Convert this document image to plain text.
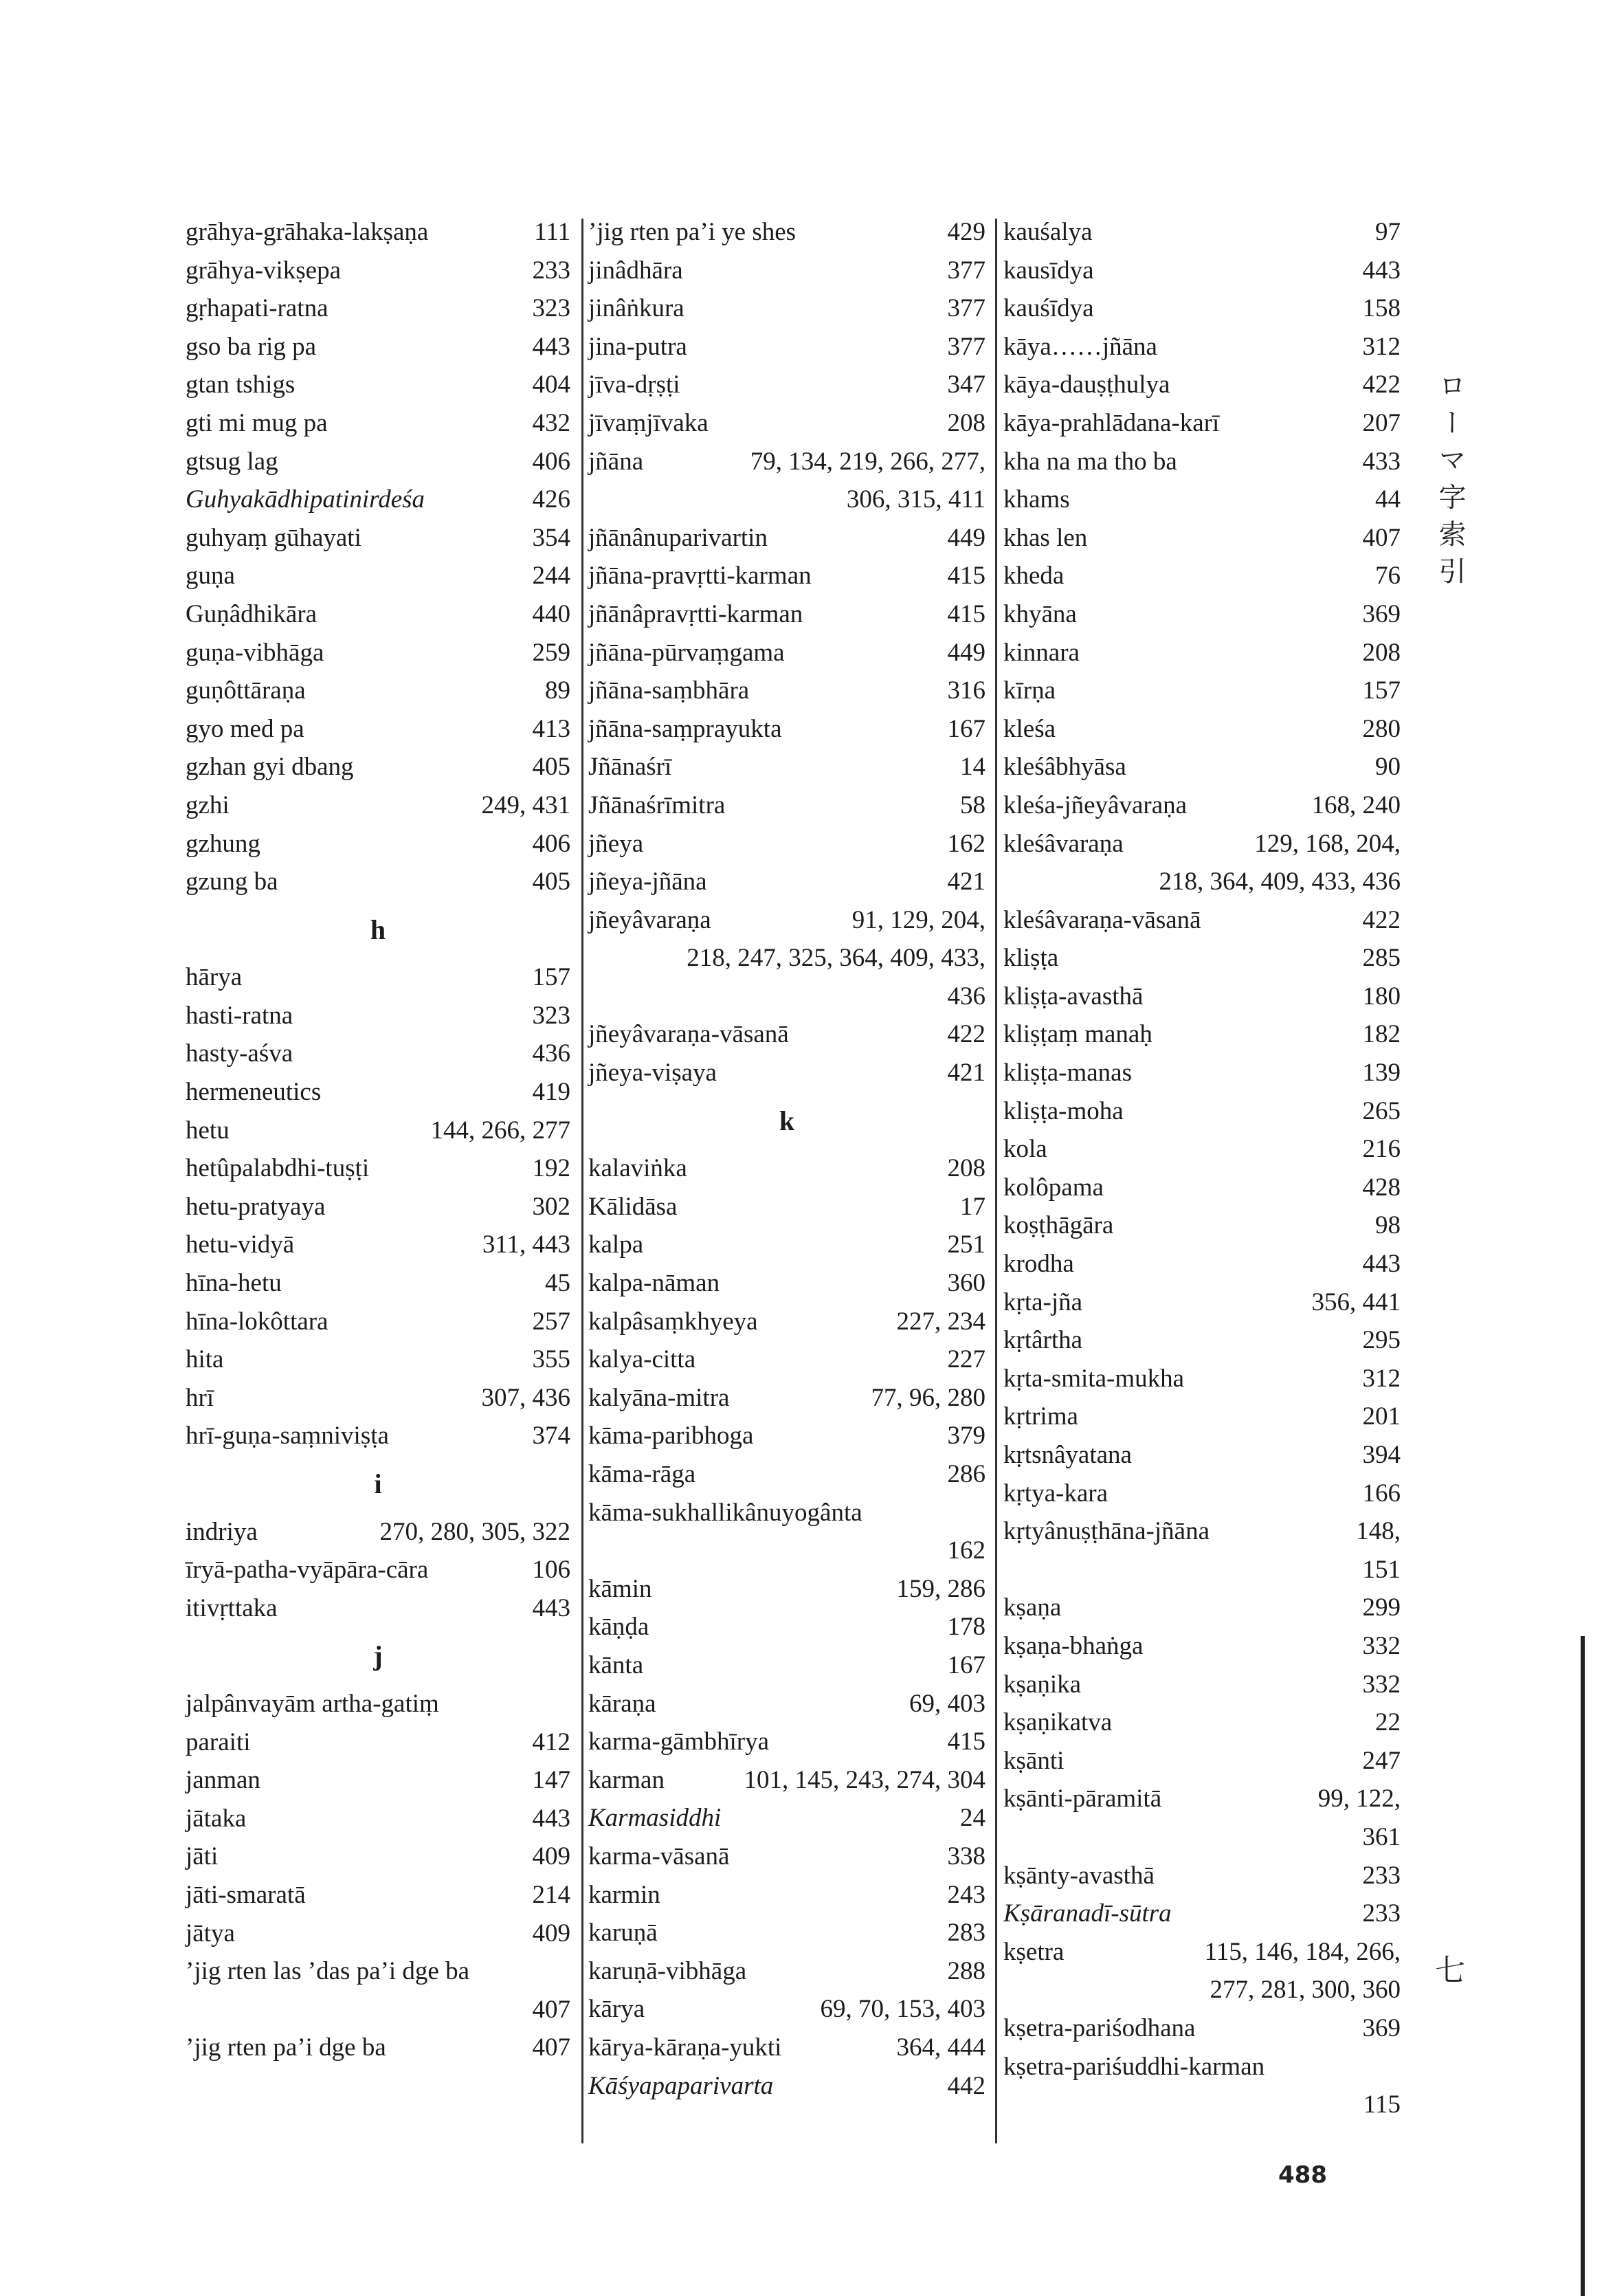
grāhya-grāhaka-lakṣaṇa	111
grāhya-vikṣepa	233
gṛhapati-ratna	323
gso ba rig pa	443
gtan tshigs	404
gti mi mug pa	432
gtsug lag	406
Guhyakādhipatinirdeśa	426
guhyaṃ gūhayati	354
guṇa	244
Guṇâdhikāra	440
guṇa-vibhāga	259
guṇôttāraṇa	89
gyo med pa	413
gzhan gyi dbang	405
gzhi	249, 431
gzhung	406
gzung ba	405
h
hārya	157
hasti-ratna	323
hasty-aśva	436
hermeneutics	419
hetu	144, 266, 277
hetûpalabdhi-tuṣṭi	192
hetu-pratyaya	302
hetu-vidyā	311, 443
hīna-hetu	45
hīna-lokôttara	257
hita	355
hrī	307, 436
hrī-guṇa-saṃniviṣṭa	374
i
indriya	270, 280, 305, 322
īryā-patha-vyāpāra-cāra	106
itivṛttaka	443
j
jalpânvayām artha-gatiṃ
paraiti	412
janman	147
jātaka	443
jāti	409
jāti-smaratā	214
jātya	409
’jig rten las ’das pa’i dge ba
407
’jig rten pa’i dge ba	407
’jig rten pa’i ye shes	429
jinâdhāra	377
jinâṅkura	377
jina-putra	377
jīva-dṛṣṭi	347
jīvaṃjīvaka	208
jñāna	79, 134, 219, 266, 277,
306, 315, 411
jñānânuparivartin	449
jñāna-pravṛtti-karman	415
jñānâpravṛtti-karman	415
jñāna-pūrvaṃgama	449
jñāna-saṃbhāra	316
jñāna-saṃprayukta	167
Jñānaśrī	14
Jñānaśrīmitra	58
jñeya	162
jñeya-jñāna	421
jñeyâvaraṇa	91, 129, 204,
218, 247, 325, 364, 409, 433,
436
jñeyâvaraṇa-vāsanā	422
jñeya-viṣaya	421
k
kalaviṅka	208
Kālidāsa	17
kalpa	251
kalpa-nāman	360
kalpâsaṃkhyeya	227, 234
kalya-citta	227
kalyāna-mitra	77, 96, 280
kāma-paribhoga	379
kāma-rāga	286
kāma-sukhallikânuyogânta
162
kāmin	159, 286
kāṇḍa	178
kānta	167
kāraṇa	69, 403
karma-gāmbhīrya	415
karman	101, 145, 243, 274, 304
Karmasiddhi	24
karma-vāsanā	338
karmin	243
karuṇā	283
karuṇā-vibhāga	288
kārya	69, 70, 153, 403
kārya-kāraṇa-yukti	364, 444
Kāśyapaparivarta	442
kauśalya	97
kausīdya	443
kauśīdya	158
kāya……jñāna	312
kāya-dauṣṭhulya	422
kāya-prahlādana-karī	207
kha na ma tho ba	433
khams	44
khas len	407
kheda	76
khyāna	369
kinnara	208
kīrṇa	157
kleśa	280
kleśâbhyāsa	90
kleśa-jñeyâvaraṇa	168, 240
kleśâvaraṇa	129, 168, 204,
218, 364, 409, 433, 436
kleśâvaraṇa-vāsanā	422
kliṣṭa	285
kliṣṭa-avasthā	180
kliṣṭaṃ manaḥ	182
kliṣṭa-manas	139
kliṣṭa-moha	265
kola	216
kolôpama	428
koṣṭhāgāra	98
krodha	443
kṛta-jña	356, 441
kṛtârtha	295
kṛta-smita-mukha	312
kṛtrima	201
kṛtsnâyatana	394
kṛtya-kara	166
kṛtyânuṣṭhāna-jñāna	148,
151
kṣaṇa	299
kṣaṇa-bhaṅga	332
kṣaṇika	332
kṣaṇikatva	22
kṣānti	247
kṣānti-pāramitā	99, 122,
361
kṣānty-avasthā	233
Kṣāranadī-sūtra	233
kṣetra	115, 146, 184, 266,
277, 281, 300, 360
kṣetra-pariśodhana	369
kṣetra-pariśuddhi-karman
115
ローマ字索引
七
488
